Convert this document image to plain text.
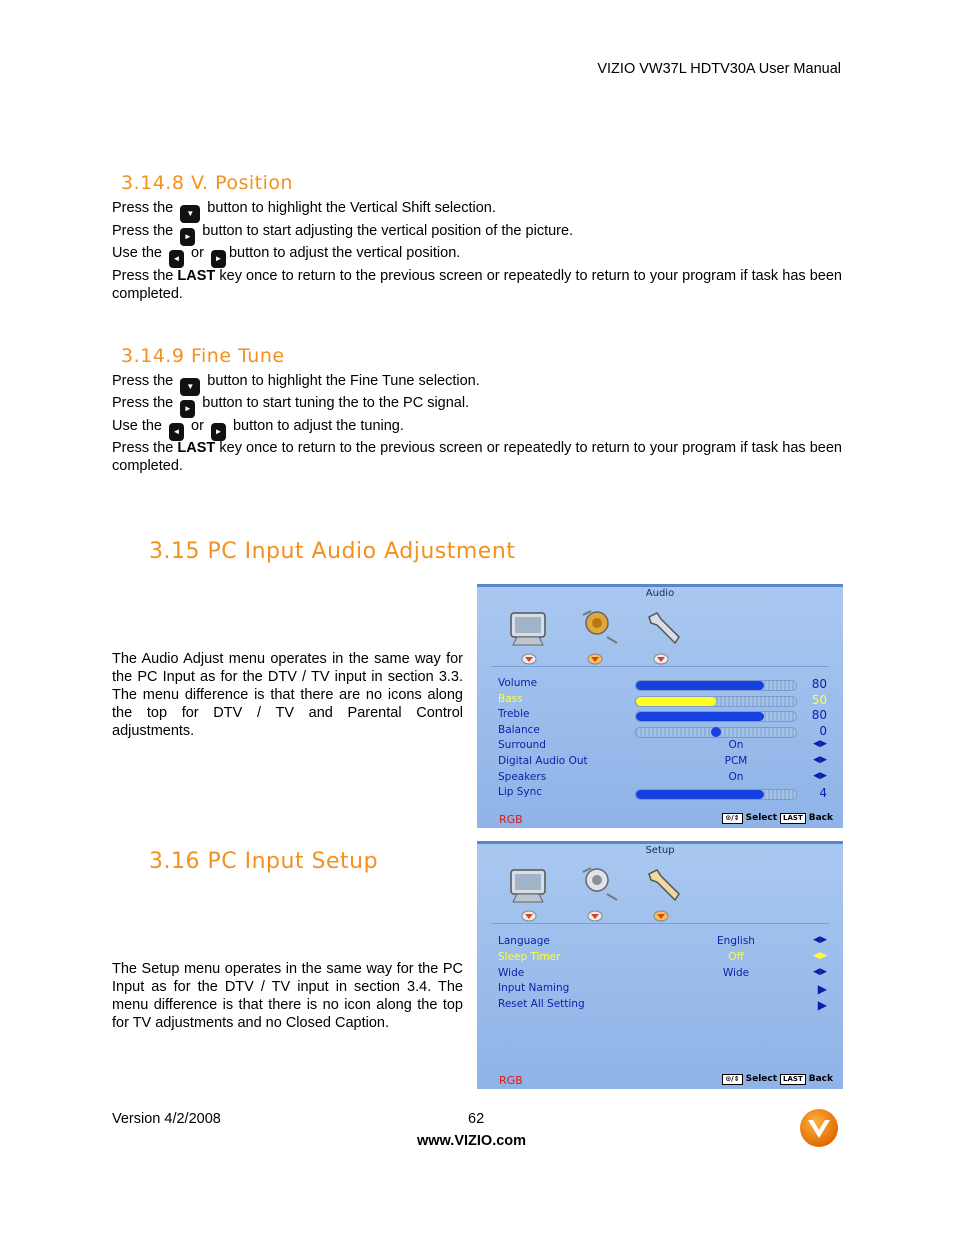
VIZIO VW37L HDTV30A User Manual
3.14.8 V. Position
Press the ▼ button to highlight the Vertical Shift selection.
Press the ► button to start adjusting the vertical position of the picture.
Use the ◄ or ► button to adjust the vertical position.
Press the LAST key once to return to the previous screen or repeatedly to return to your program if task has been completed.
3.14.9 Fine Tune
Press the ▼ button to highlight the Fine Tune selection.
Press the ► button to start tuning the to the PC signal.
Use the ◄ or ► button to adjust the tuning.
Press the LAST key once to return to the previous screen or repeatedly to return to your program if task has been completed.
3.15 PC Input Audio Adjustment
The Audio Adjust menu operates in the same way for the PC Input as for the DTV / TV input in section 3.3. The menu difference is that there are no icons along the top for DTV / TV and Parental Control adjustments.
Audio
Volume	80
Bass	50
Treble	80
Balance	0
Surround	On	◀▶
Digital Audio Out	PCM	◀▶
Speakers	On	◀▶
Lip Sync	4
RGB	⊙/⇕ Select LAST Back
3.16 PC Input Setup
The Setup menu operates in the same way for the PC Input as for the DTV / TV input in section 3.4. The menu difference is that there is no icon along the top for TV adjustments and no Closed Caption.
Setup
Language	English	◀▶
Sleep Timer	Off	◀▶
Wide	Wide	◀▶
Input Naming	▶
Reset All Setting	▶
RGB	⊙/⇕ Select LAST Back
Version 4/2/2008	62
www.VIZIO.com
